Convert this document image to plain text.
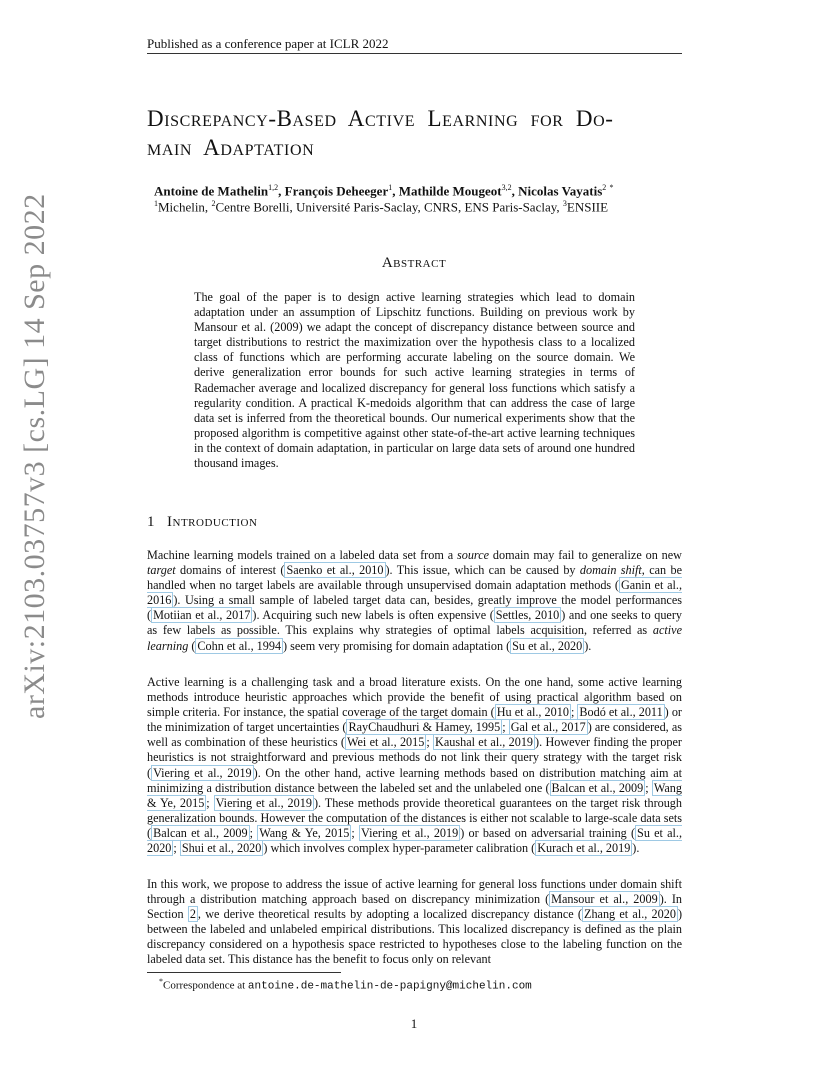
Published as a conference paper at ICLR 2022
arXiv:2103.03757v3 [cs.LG] 14 Sep 2022
Discrepancy-Based Active Learning for Do-
main Adaptation
Antoine de Mathelin$^{1,2}$, François Deheeger$^1$, Mathilde Mougeot$^{3,2}$, Nicolas Vayatis$^2$ *
$^1$Michelin, $^2$Centre Borelli, Université Paris-Saclay, CNRS, ENS Paris-Saclay, $^3$ENSIIE
Abstract
The goal of the paper is to design active learning strategies which lead to domain adaptation under an assumption of Lipschitz functions. Building on previous work by Mansour et al. (2009) we adapt the concept of discrepancy distance between source and target distributions to restrict the maximization over the hypothesis class to a localized class of functions which are performing accurate labeling on the source domain. We derive generalization error bounds for such active learning strategies in terms of Rademacher average and localized discrepancy for general loss functions which satisfy a regularity condition. A practical K-medoids algorithm that can address the case of large data set is inferred from the theoretical bounds. Our numerical experiments show that the proposed algorithm is competitive against other state-of-the-art active learning techniques in the context of domain adaptation, in particular on large data sets of around one hundred thousand images.
1 Introduction
Machine learning models trained on a labeled data set from a source domain may fail to generalize on new target domains of interest ( Saenko et al., 2010 ). This issue, which can be caused by domain shift, can be handled when no target labels are available through unsupervised domain adaptation methods ( Ganin et al., 2016 ). Using a small sample of labeled target data can, besides, greatly improve the model performances ( Motiian et al., 2017 ). Acquiring such new labels is often expensive ( Settles, 2010 ) and one seeks to query as few labels as possible. This explains why strategies of optimal labels acquisition, referred as active learning ( Cohn et al., 1994 ) seem very promising for domain adaptation ( Su et al., 2020 ).
Active learning is a challenging task and a broad literature exists. On the one hand, some active learning methods introduce heuristic approaches which provide the benefit of using practical algorithm based on simple criteria. For instance, the spatial coverage of the target domain ( Hu et al., 2010 ; Bodó et al., 2011 ) or the minimization of target uncertainties ( RayChaudhuri & Hamey, 1995 ; Gal et al., 2017 ) are considered, as well as combination of these heuristics ( Wei et al., 2015 ; Kaushal et al., 2019 ). However finding the proper heuristics is not straightforward and previous methods do not link their query strategy with the target risk ( Viering et al., 2019 ). On the other hand, active learning methods based on distribution matching aim at minimizing a distribution distance between the labeled set and the unlabeled one ( Balcan et al., 2009 ; Wang & Ye, 2015 ; Viering et al., 2019 ). These methods provide theoretical guarantees on the target risk through generalization bounds. However the computation of the distances is either not scalable to large-scale data sets ( Balcan et al., 2009 ; Wang & Ye, 2015 ; Viering et al., 2019 ) or based on adversarial training ( Su et al., 2020 ; Shui et al., 2020 ) which involves complex hyper-parameter calibration ( Kurach et al., 2019 ).
In this work, we propose to address the issue of active learning for general loss functions under domain shift through a distribution matching approach based on discrepancy minimization ( Mansour et al., 2009 ). In Section 2 , we derive theoretical results by adopting a localized discrepancy distance ( Zhang et al., 2020 ) between the labeled and unlabeled empirical distributions. This localized discrepancy is defined as the plain discrepancy considered on a hypothesis space restricted to hypotheses close to the labeling function on the labeled data set. This distance has the benefit to focus only on relevant
*Correspondence at antoine.de-mathelin-de-papigny@michelin.com
1
